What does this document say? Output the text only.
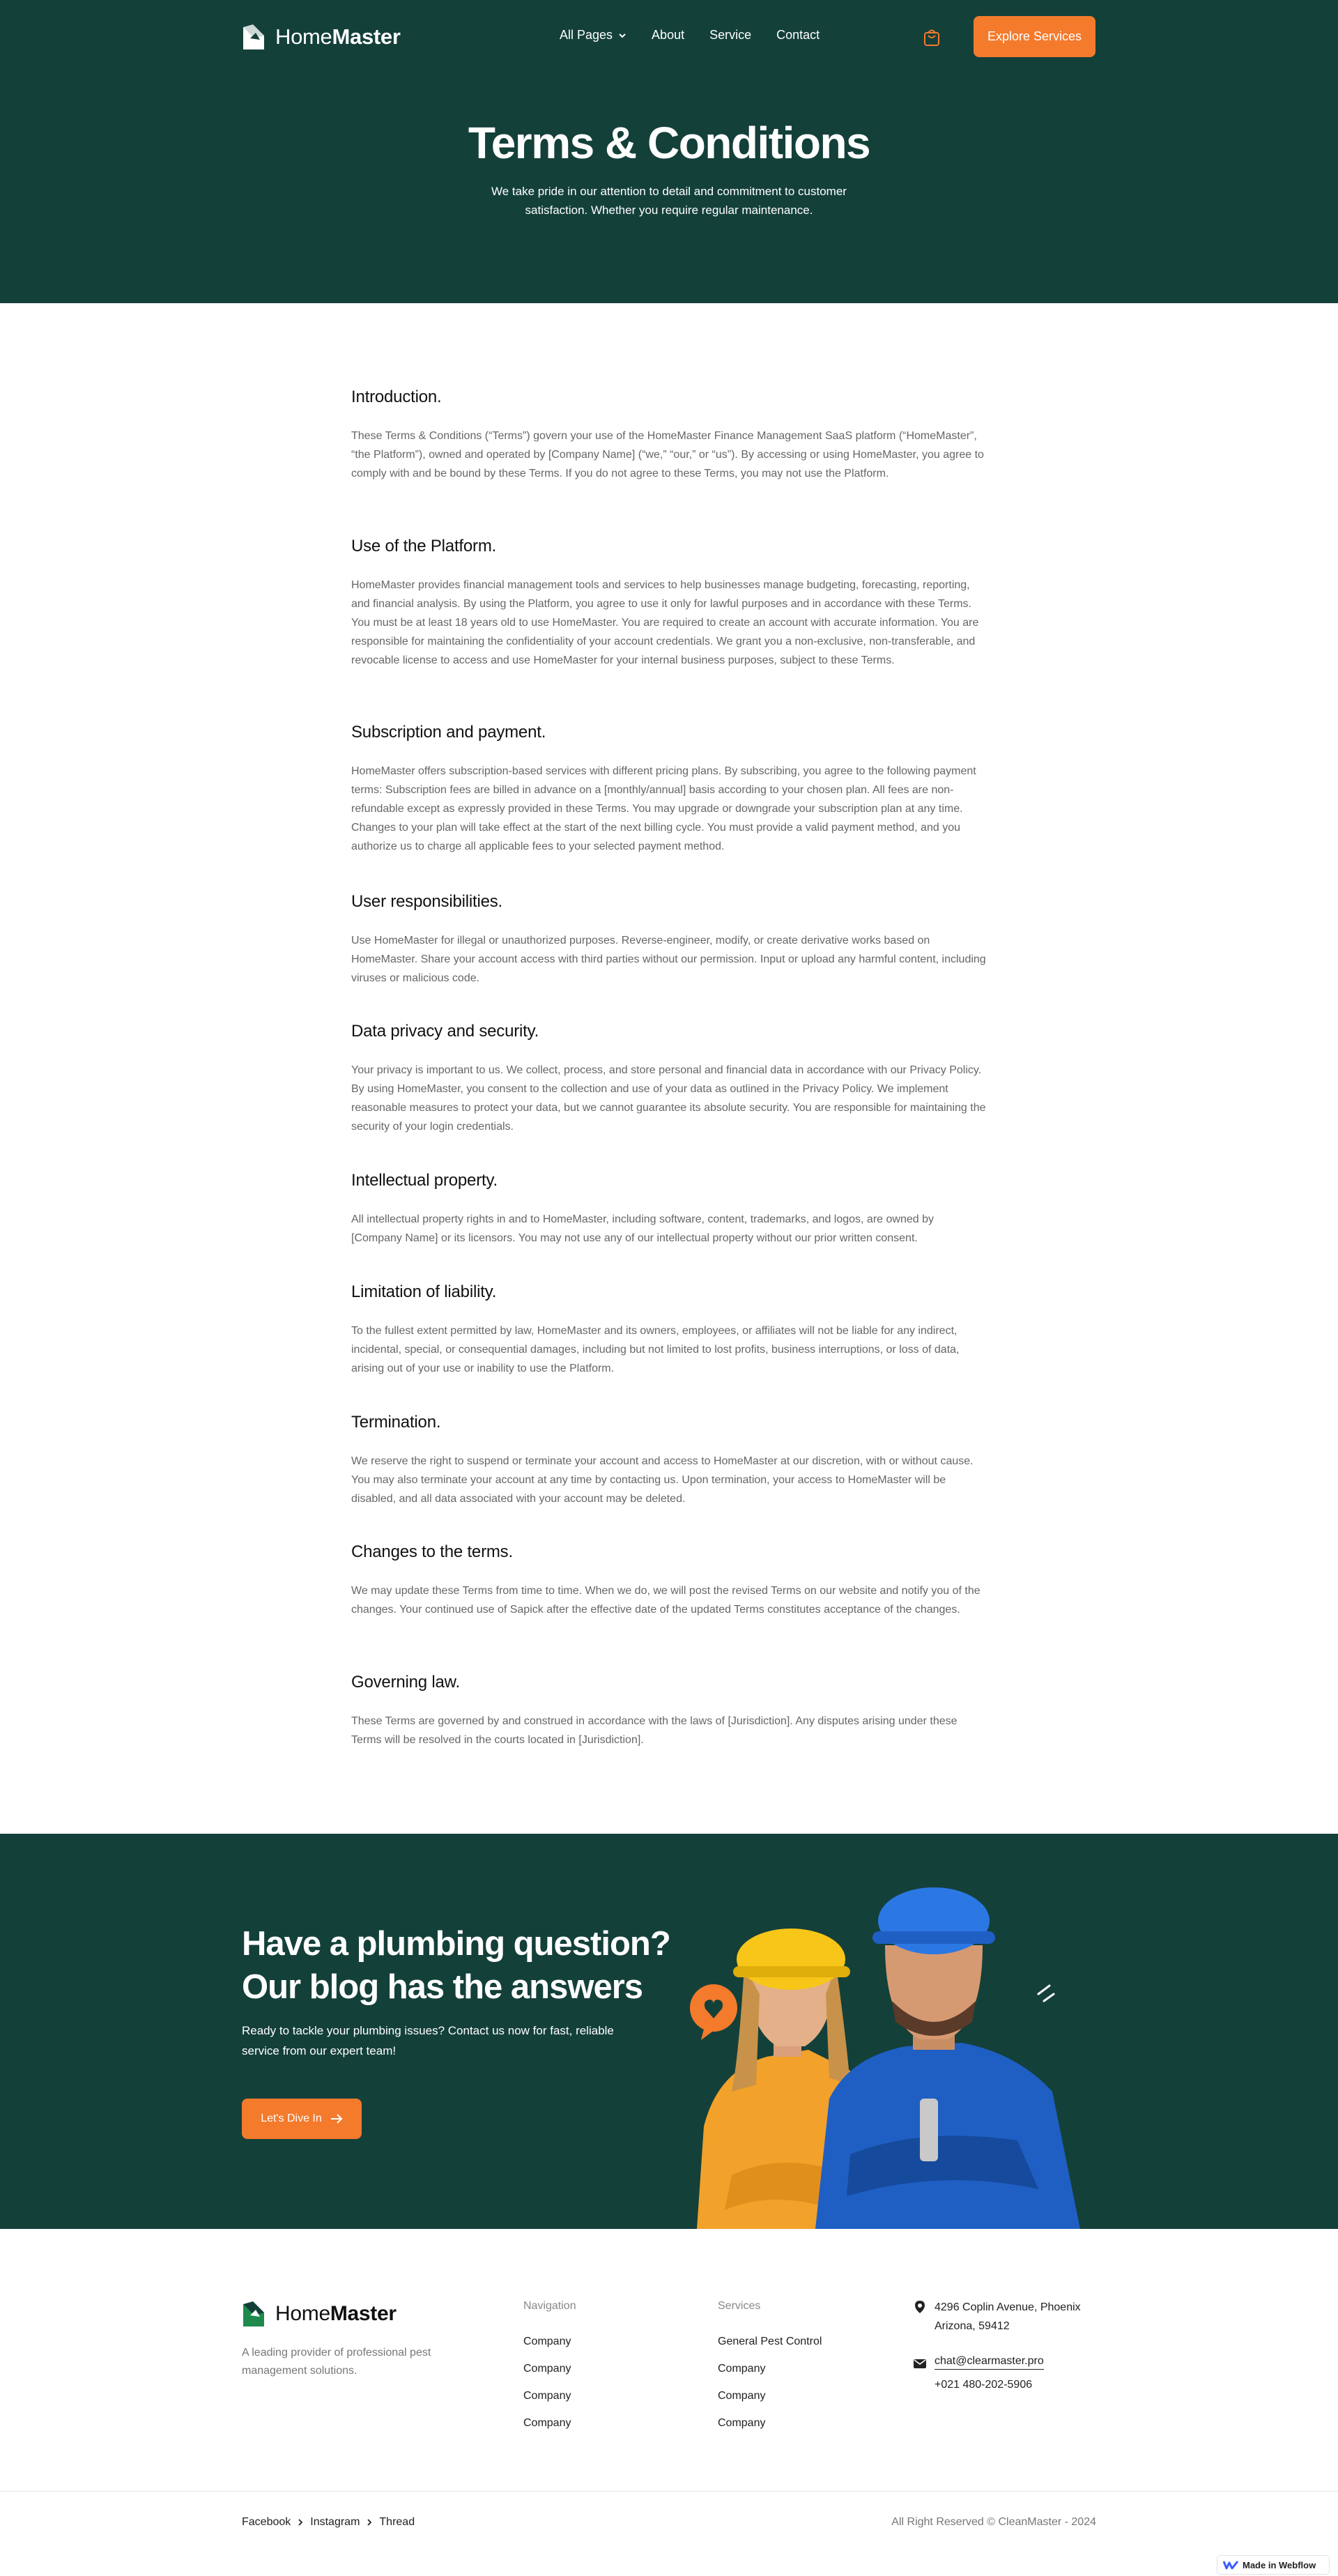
HomeMaster	All Pages	About Service Contact	Explore Services
Terms & Conditions

We take pride in our attention to detail and commitment to customer satisfaction. Whether you require regular maintenance.

Introduction.

These Terms & Conditions (“Terms”) govern your use of the HomeMaster Finance Management SaaS platform (“HomeMaster”, “the Platform”), owned and operated by [Company Name] (“we,” “our,” or “us”). By accessing or using HomeMaster, you agree to comply with and be bound by these Terms. If you do not agree to these Terms, you may not use the Platform.

Use of the Platform.

HomeMaster provides financial management tools and services to help businesses manage budgeting, forecasting, reporting, and financial analysis. By using the Platform, you agree to use it only for lawful purposes and in accordance with these Terms. You must be at least 18 years old to use HomeMaster. You are required to create an account with accurate information. You are responsible for maintaining the confidentiality of your account credentials. We grant you a non-exclusive, non-transferable, and revocable license to access and use HomeMaster for your internal business purposes, subject to these Terms.

Subscription and payment.

HomeMaster offers subscription-based services with different pricing plans. By subscribing, you agree to the following payment terms: Subscription fees are billed in advance on a [monthly/annual] basis according to your chosen plan. All fees are non-refundable except as expressly provided in these Terms. You may upgrade or downgrade your subscription plan at any time. Changes to your plan will take effect at the start of the next billing cycle. You must provide a valid payment method, and you authorize us to charge all applicable fees to your selected payment method.

User responsibilities.

Use HomeMaster for illegal or unauthorized purposes. Reverse-engineer, modify, or create derivative works based on HomeMaster. Share your account access with third parties without our permission. Input or upload any harmful content, including viruses or malicious code.

Data privacy and security.

Your privacy is important to us. We collect, process, and store personal and financial data in accordance with our Privacy Policy. By using HomeMaster, you consent to the collection and use of your data as outlined in the Privacy Policy. We implement reasonable measures to protect your data, but we cannot guarantee its absolute security. You are responsible for maintaining the security of your login credentials.

Intellectual property.

All intellectual property rights in and to HomeMaster, including software, content, trademarks, and logos, are owned by [Company Name] or its licensors. You may not use any of our intellectual property without our prior written consent.

Limitation of liability.

To the fullest extent permitted by law, HomeMaster and its owners, employees, or affiliates will not be liable for any indirect, incidental, special, or consequential damages, including but not limited to lost profits, business interruptions, or loss of data, arising out of your use or inability to use the Platform.

Termination.

We reserve the right to suspend or terminate your account and access to HomeMaster at our discretion, with or without cause. You may also terminate your account at any time by contacting us. Upon termination, your access to HomeMaster will be disabled, and all data associated with your account may be deleted.

Changes to the terms.

We may update these Terms from time to time. When we do, we will post the revised Terms on our website and notify you of the changes. Your continued use of Sapick after the effective date of the updated Terms constitutes acceptance of the changes.

Governing law.

These Terms are governed by and construed in accordance with the laws of [Jurisdiction]. Any disputes arising under these Terms will be resolved in the courts located in [Jurisdiction].

Have a plumbing question?
Our blog has the answers

Ready to tackle your plumbing issues? Contact us now for fast, reliable service from our expert team!

Let's Dive In
HomeMaster

A leading provider of professional pest management solutions.

Navigation
Company
Company
Company
Company
Services
General Pest Control
Company
Company
Company
4296 Coplin Avenue, Phoenix
Arizona, 59412
chat@clearmaster.pro
+021 480-202-5906
Facebook Instagram Thread	All Right Reserved © CleanMaster - 2024
Made in Webflow
